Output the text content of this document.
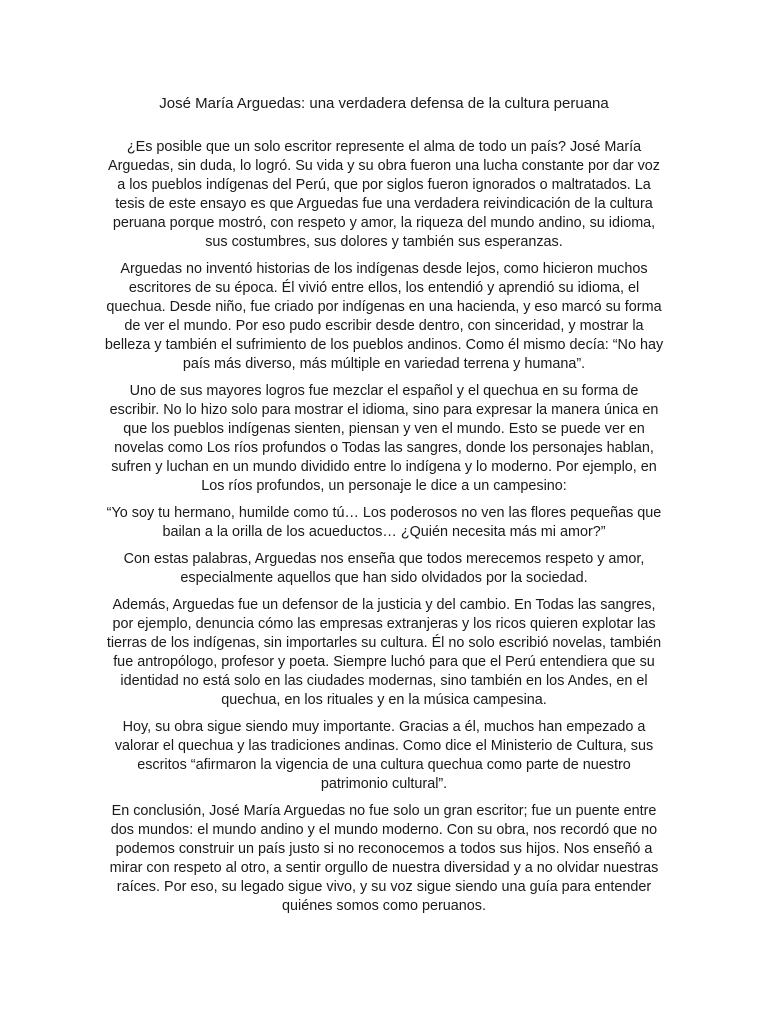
José María Arguedas: una verdadera defensa de la cultura peruana

¿Es posible que un solo escritor represente el alma de todo un país? José María Arguedas, sin duda, lo logró. Su vida y su obra fueron una lucha constante por dar voz a los pueblos indígenas del Perú, que por siglos fueron ignorados o maltratados. La tesis de este ensayo es que Arguedas fue una verdadera reivindicación de la cultura peruana porque mostró, con respeto y amor, la riqueza del mundo andino, su idioma, sus costumbres, sus dolores y también sus esperanzas.

Arguedas no inventó historias de los indígenas desde lejos, como hicieron muchos escritores de su época. Él vivió entre ellos, los entendió y aprendió su idioma, el quechua. Desde niño, fue criado por indígenas en una hacienda, y eso marcó su forma de ver el mundo. Por eso pudo escribir desde dentro, con sinceridad, y mostrar la belleza y también el sufrimiento de los pueblos andinos. Como él mismo decía: “No hay país más diverso, más múltiple en variedad terrena y humana”.

Uno de sus mayores logros fue mezclar el español y el quechua en su forma de escribir. No lo hizo solo para mostrar el idioma, sino para expresar la manera única en que los pueblos indígenas sienten, piensan y ven el mundo. Esto se puede ver en novelas como Los ríos profundos o Todas las sangres, donde los personajes hablan, sufren y luchan en un mundo dividido entre lo indígena y lo moderno. Por ejemplo, en Los ríos profundos, un personaje le dice a un campesino:

“Yo soy tu hermano, humilde como tú… Los poderosos no ven las flores pequeñas que bailan a la orilla de los acueductos… ¿Quién necesita más mi amor?”

Con estas palabras, Arguedas nos enseña que todos merecemos respeto y amor, especialmente aquellos que han sido olvidados por la sociedad.

Además, Arguedas fue un defensor de la justicia y del cambio. En Todas las sangres, por ejemplo, denuncia cómo las empresas extranjeras y los ricos quieren explotar las tierras de los indígenas, sin importarles su cultura. Él no solo escribió novelas, también fue antropólogo, profesor y poeta. Siempre luchó para que el Perú entendiera que su identidad no está solo en las ciudades modernas, sino también en los Andes, en el quechua, en los rituales y en la música campesina.

Hoy, su obra sigue siendo muy importante. Gracias a él, muchos han empezado a valorar el quechua y las tradiciones andinas. Como dice el Ministerio de Cultura, sus escritos “afirmaron la vigencia de una cultura quechua como parte de nuestro patrimonio cultural”.

En conclusión, José María Arguedas no fue solo un gran escritor; fue un puente entre dos mundos: el mundo andino y el mundo moderno. Con su obra, nos recordó que no podemos construir un país justo si no reconocemos a todos sus hijos. Nos enseñó a mirar con respeto al otro, a sentir orgullo de nuestra diversidad y a no olvidar nuestras raíces. Por eso, su legado sigue vivo, y su voz sigue siendo una guía para entender quiénes somos como peruanos.
